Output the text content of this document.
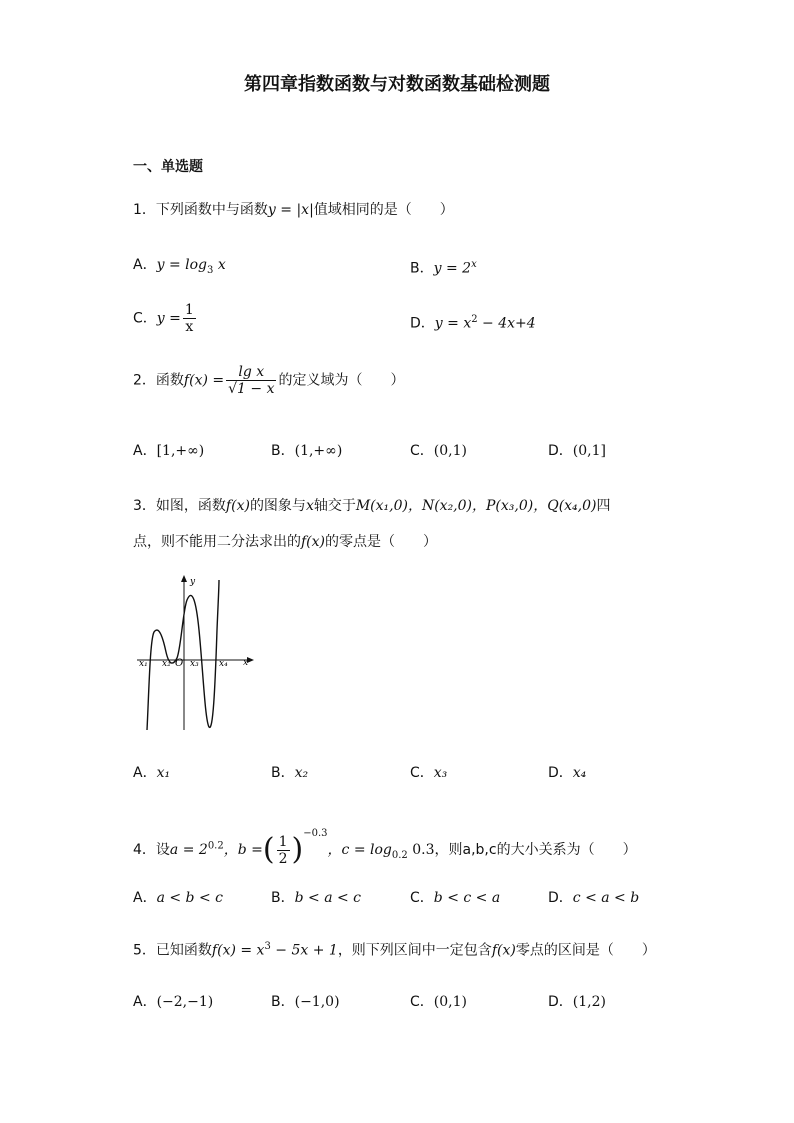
第四章指数函数与对数函数基础检测题
一、单选题
1．下列函数中与函数y = |x|值域相同的是（　　）
A．$y = \log_3 x$	B．$y = 2^x$
C．$y = \frac{1}{x}$	D．$y = x^2 - 4x+4$
2．函数$f(x) = \frac{\text{lg x}}{√1 - x}$ 的定义域为（　　）
A．[1,+∞)	B．(1,+∞)	C．(0,1)	D．(0,1]
3．如图，函数f(x)的图象与x轴交于M(x₁,0)，N(x₂,0)，P(x₃,0)，Q(x₄,0)四
点，则不能用二分法求出的f(x)的零点是（　　）
y
x
O
x₁ x₂ x₃ x₄
A．x₁	B．x₂	C．x₃	D．x₄
4．设$a = 2^{0.2}$，b =( $\frac{1}{2} )^{-0.3}$，$c = \log_{0.2} 0.3$，则a,b,c的大小关系为（　　）
A．a < b < c	B．b < a < c	C．b < c < a	D．c < a < b
5．已知函数$f(x) = x^3 - 5x + 1$，则下列区间中一定包含f(x)零点的区间是（　　）
A．(−2,−1)	B．(−1,0)	C．(0,1)	D．(1,2)
